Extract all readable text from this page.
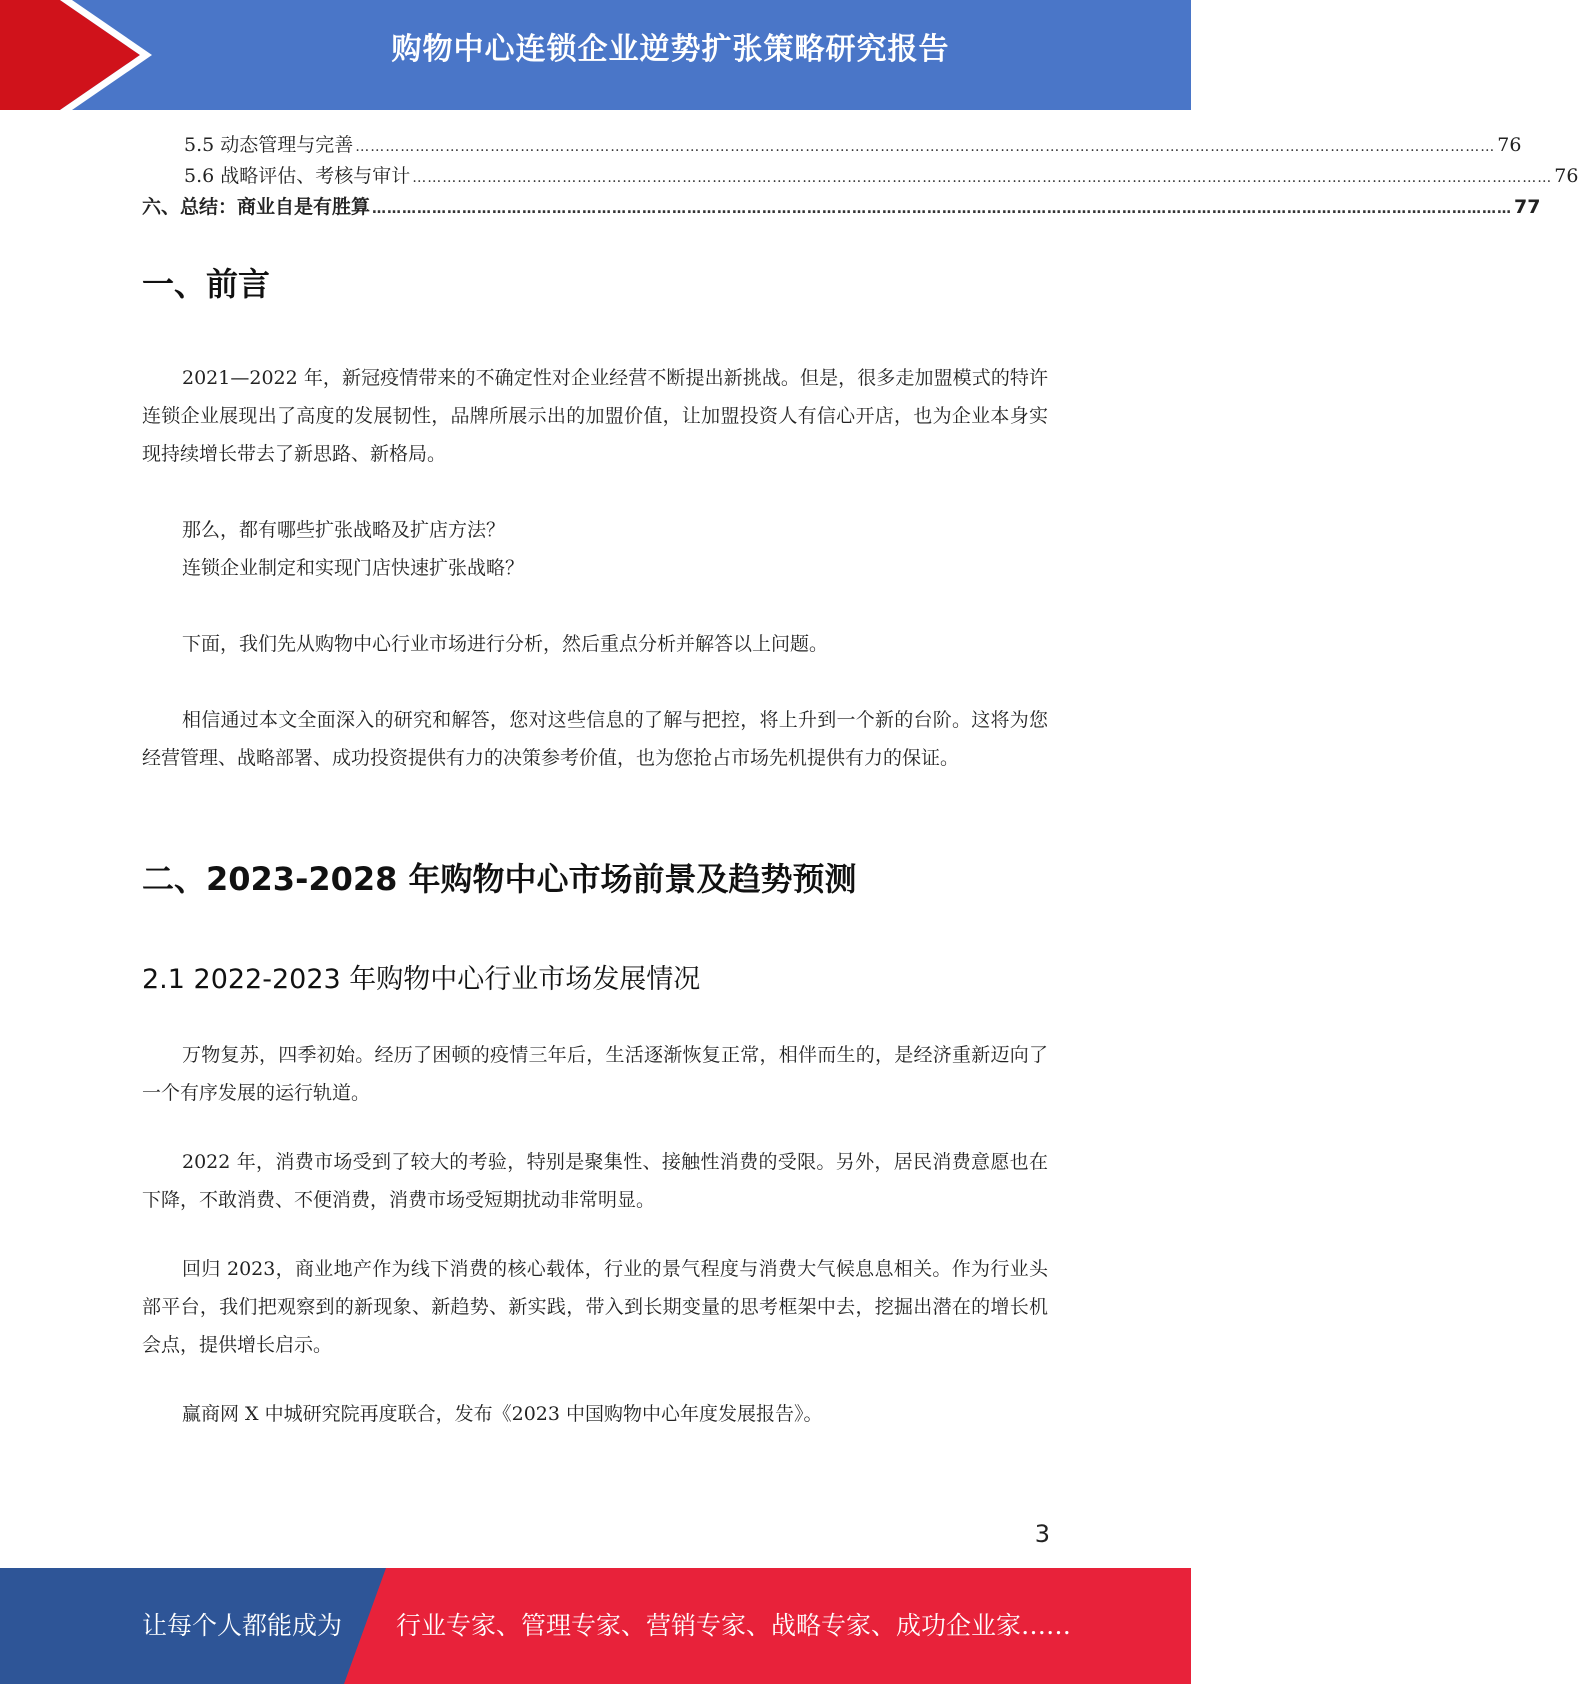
购物中心连锁企业逆势扩张策略研究报告
5.5 动态管理与完善 ………………………………………………………………………………………………………………………………………………………………………………………………………… 76
5.6 战略评估、考核与审计 ………………………………………………………………………………………………………………………………………………………………………………………………………… 76
六、总结：商业自是有胜算 ………………………………………………………………………………………………………………………………………………………………………………………………………… 77
一、前言

2021—2022 年，新冠疫情带来的不确定性对企业经营不断提出新挑战。但是，很多走加盟模式的特许连锁企业展现出了高度的发展韧性，品牌所展示出的加盟价值，让加盟投资人有信心开店，也为企业本身实现持续增长带去了新思路、新格局。

那么，都有哪些扩张战略及扩店方法？

连锁企业制定和实现门店快速扩张战略？

下面，我们先从购物中心行业市场进行分析，然后重点分析并解答以上问题。

相信通过本文全面深入的研究和解答，您对这些信息的了解与把控，将上升到一个新的台阶。这将为您经营管理、战略部署、成功投资提供有力的决策参考价值，也为您抢占市场先机提供有力的保证。

二、2023-2028 年购物中心市场前景及趋势预测
2.1 2022-2023 年购物中心行业市场发展情况

万物复苏，四季初始。经历了困顿的疫情三年后，生活逐渐恢复正常，相伴而生的，是经济重新迈向了一个有序发展的运行轨道。

2022 年，消费市场受到了较大的考验，特别是聚集性、接触性消费的受限。另外，居民消费意愿也在下降，不敢消费、不便消费，消费市场受短期扰动非常明显。

回归 2023，商业地产作为线下消费的核心载体，行业的景气程度与消费大气候息息相关。作为行业头部平台，我们把观察到的新现象、新趋势、新实践，带入到长期变量的思考框架中去，挖掘出潜在的增长机会点，提供增长启示。

赢商网 X 中城研究院再度联合，发布《2023 中国购物中心年度发展报告》。

3
让每个人都能成为 行业专家、管理专家、营销专家、战略专家、成功企业家……
